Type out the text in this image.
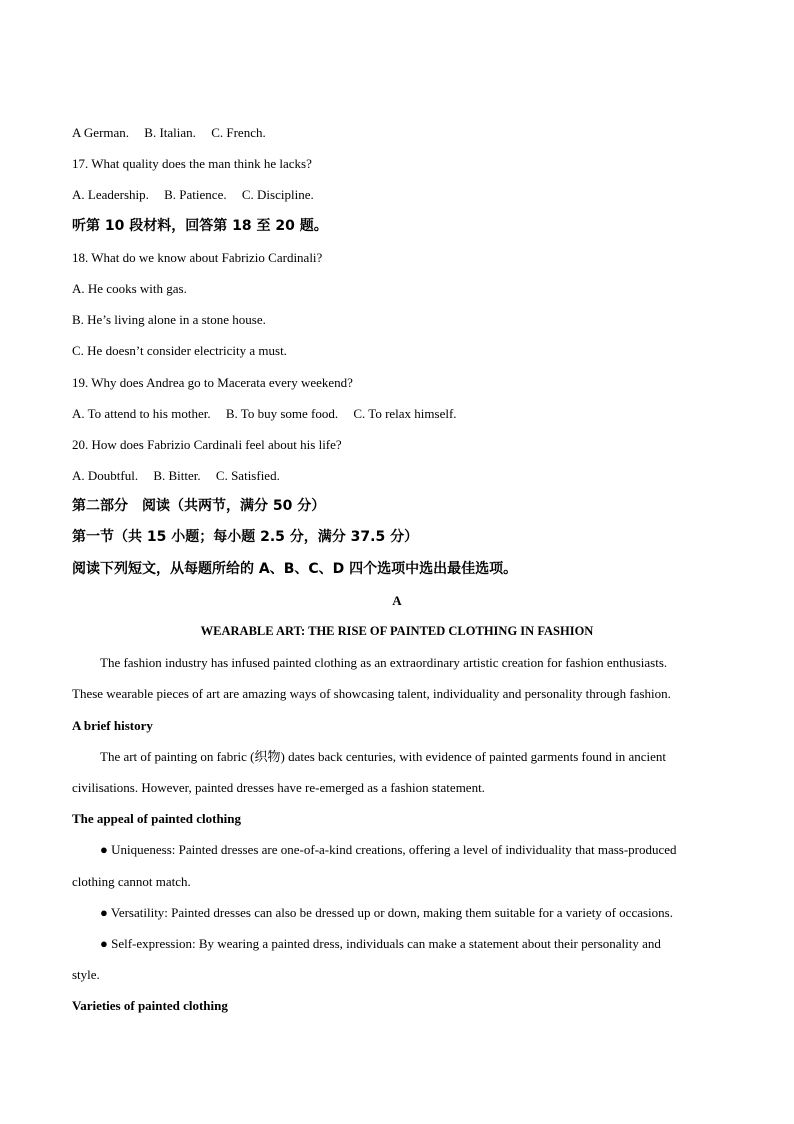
A German. B. Italian. C. French.
17. What quality does the man think he lacks?
A. Leadership. B. Patience. C. Discipline.
听第 10 段材料，回答第 18 至 20 题。
18. What do we know about Fabrizio Cardinali?
A. He cooks with gas.
B. He’s living alone in a stone house.
C. He doesn’t consider electricity a must.
19. Why does Andrea go to Macerata every weekend?
A. To attend to his mother. B. To buy some food. C. To relax himself.
20. How does Fabrizio Cardinali feel about his life?
A. Doubtful. B. Bitter. C. Satisfied.
第二部分　阅读（共两节，满分 50 分）
第一节（共 15 小题；每小题 2.5 分，满分 37.5 分）
阅读下列短文，从每题所给的 A、B、C、D 四个选项中选出最佳选项。
A
WEARABLE ART: THE RISE OF PAINTED CLOTHING IN FASHION
The fashion industry has infused painted clothing as an extraordinary artistic creation for fashion enthusiasts.
These wearable pieces of art are amazing ways of showcasing talent, individuality and personality through fashion.
A brief history
The art of painting on fabric (织物) dates back centuries, with evidence of painted garments found in ancient
civilisations. However, painted dresses have re-emerged as a fashion statement.
The appeal of painted clothing
● Uniqueness: Painted dresses are one-of-a-kind creations, offering a level of individuality that mass-produced
clothing cannot match.
● Versatility: Painted dresses can also be dressed up or down, making them suitable for a variety of occasions.
● Self-expression: By wearing a painted dress, individuals can make a statement about their personality and
style.
Varieties of painted clothing
